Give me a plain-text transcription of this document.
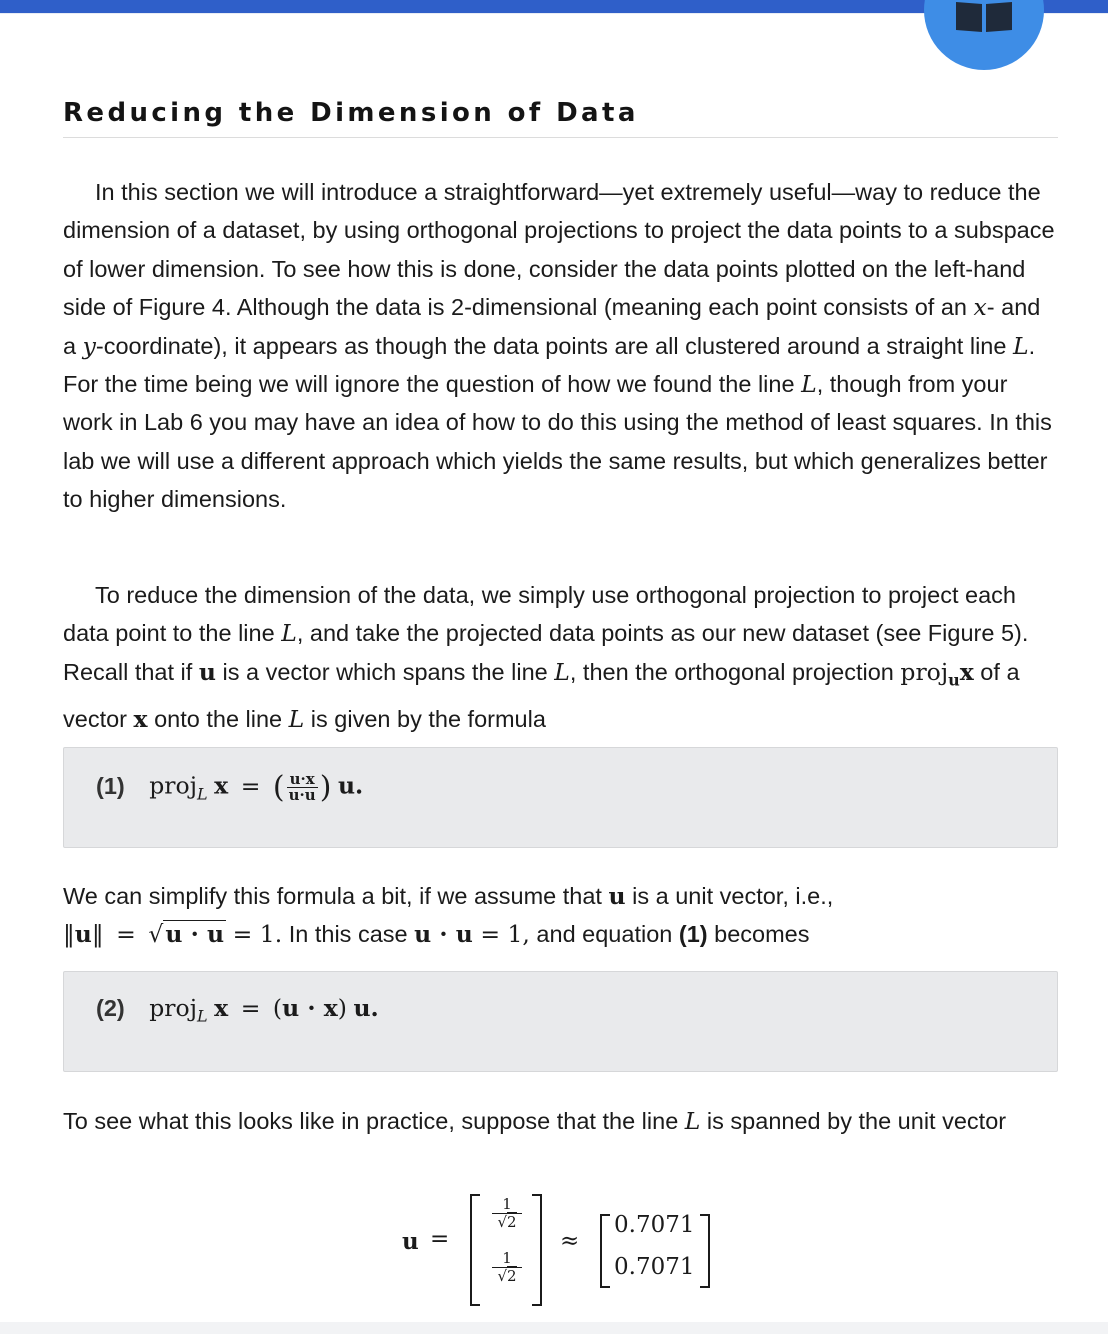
Reducing the Dimension of Data

In this section we will introduce a straightforward—yet extremely useful—way to reduce the dimension of a dataset, by using orthogonal projections to project the data points to a subspace of lower dimension. To see how this is done, consider the data points plotted on the left-hand side of Figure 4. Although the data is 2-dimensional (meaning each point consists of an x- and a y-coordinate), it appears as though the data points are all clustered around a straight line L. For the time being we will ignore the question of how we found the line L, though from your work in Lab 6 you may have an idea of how to do this using the method of least squares. In this lab we will use a different approach which yields the same results, but which generalizes better to higher dimensions.

To reduce the dimension of the data, we simply use orthogonal projection to project each data point to the line L, and take the projected data points as our new dataset (see Figure 5). Recall that if u is a vector which spans the line L, then the orthogonal projection proj$_u$x of a vector x onto the line L is given by the formula

(1) proj$_L$ x = ( $\frac{u\cdot x}{u\cdot u}$ ) u.

We can simplify this formula a bit, if we assume that u is a unit vector, i.e.,
‖u‖ = √u · u = 1. In this case u · u = 1, and equation (1) becomes

(2) proj$_L$ x = (u · x) u.

To see what this looks like in practice, suppose that the line L is spanned by the unit vector

u =
1
√2
1
√2
≈
0.7071
0.7071
